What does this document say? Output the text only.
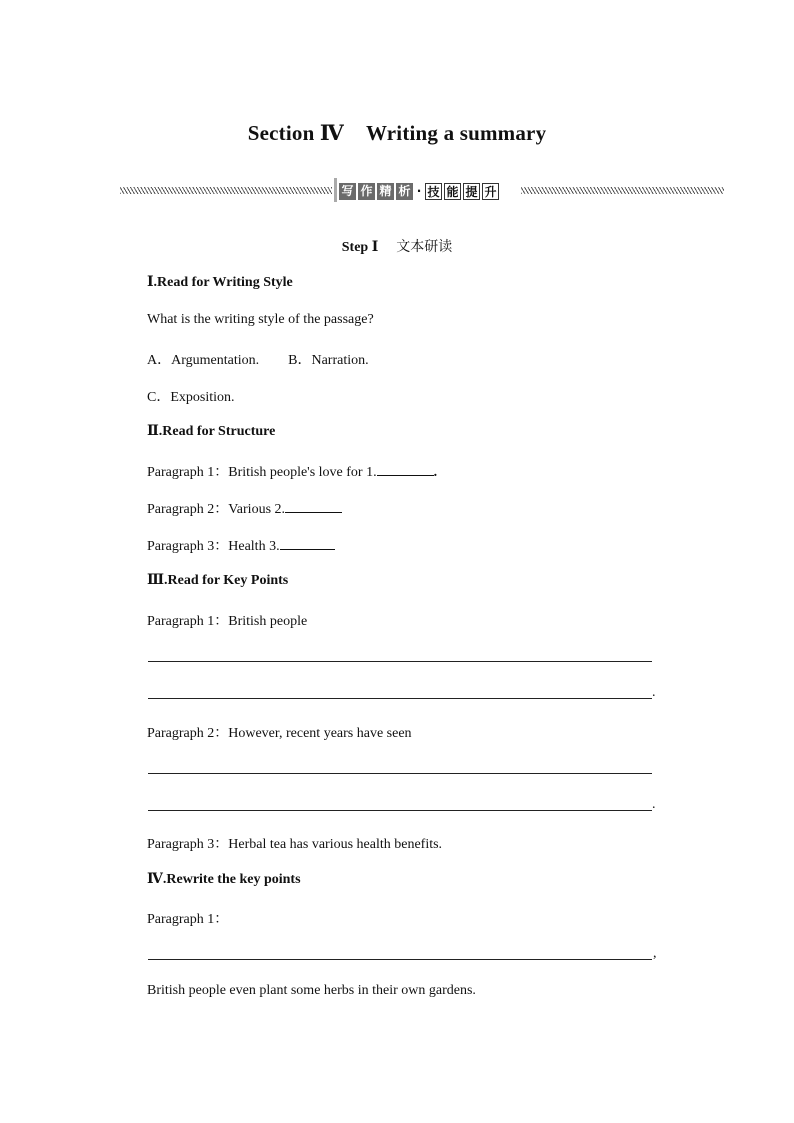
Section Ⅳ Writing a summary
写 作 精 析 · 技 能 提 升
Step Ⅰ 文本研读
Ⅰ.Read for Writing Style
What is the writing style of the passage?
A．Argumentation. B．Narration.
C．Exposition.
Ⅱ.Read for Structure
Paragraph 1：British people's love for 1.	.
Paragraph 2：Various 2.
Paragraph 3：Health 3.
Ⅲ.Read for Key Points
Paragraph 1：British people
.
Paragraph 2：However, recent years have seen
.
Paragraph 3：Herbal tea has various health benefits.
Ⅳ.Rewrite the key points
Paragraph 1：
,
British people even plant some herbs in their own gardens.
